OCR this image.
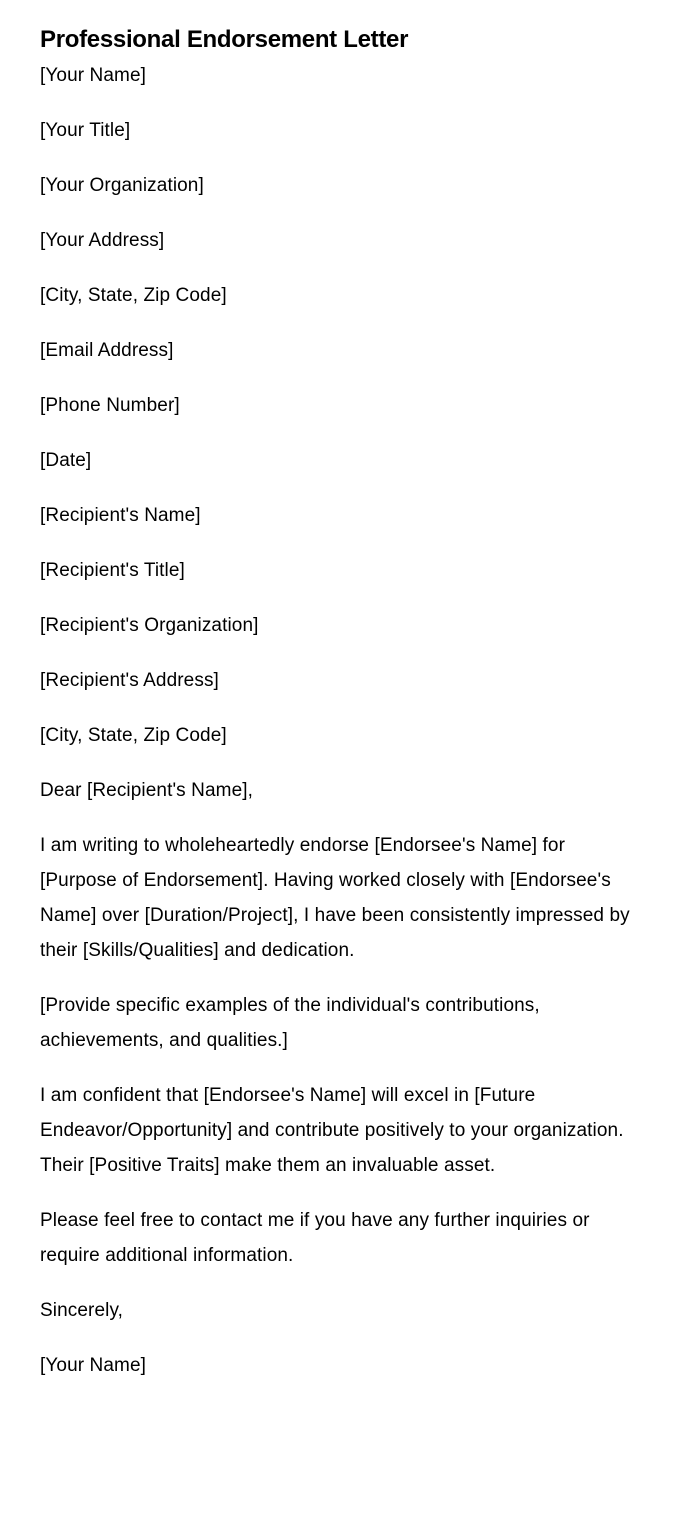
Professional Endorsement Letter

[Your Name]

[Your Title]

[Your Organization]

[Your Address]

[City, State, Zip Code]

[Email Address]

[Phone Number]

[Date]

[Recipient's Name]

[Recipient's Title]

[Recipient's Organization]

[Recipient's Address]

[City, State, Zip Code]

Dear [Recipient's Name],

I am writing to wholeheartedly endorse [Endorsee's Name] for [Purpose of Endorsement]. Having worked closely with [Endorsee's Name] over [Duration/Project], I have been consistently impressed by their [Skills/Qualities] and dedication.

[Provide specific examples of the individual's contributions, achievements, and qualities.]

I am confident that [Endorsee's Name] will excel in [Future Endeavor/Opportunity] and contribute positively to your organization. Their [Positive Traits] make them an invaluable asset.

Please feel free to contact me if you have any further inquiries or require additional information.

Sincerely,

[Your Name]
